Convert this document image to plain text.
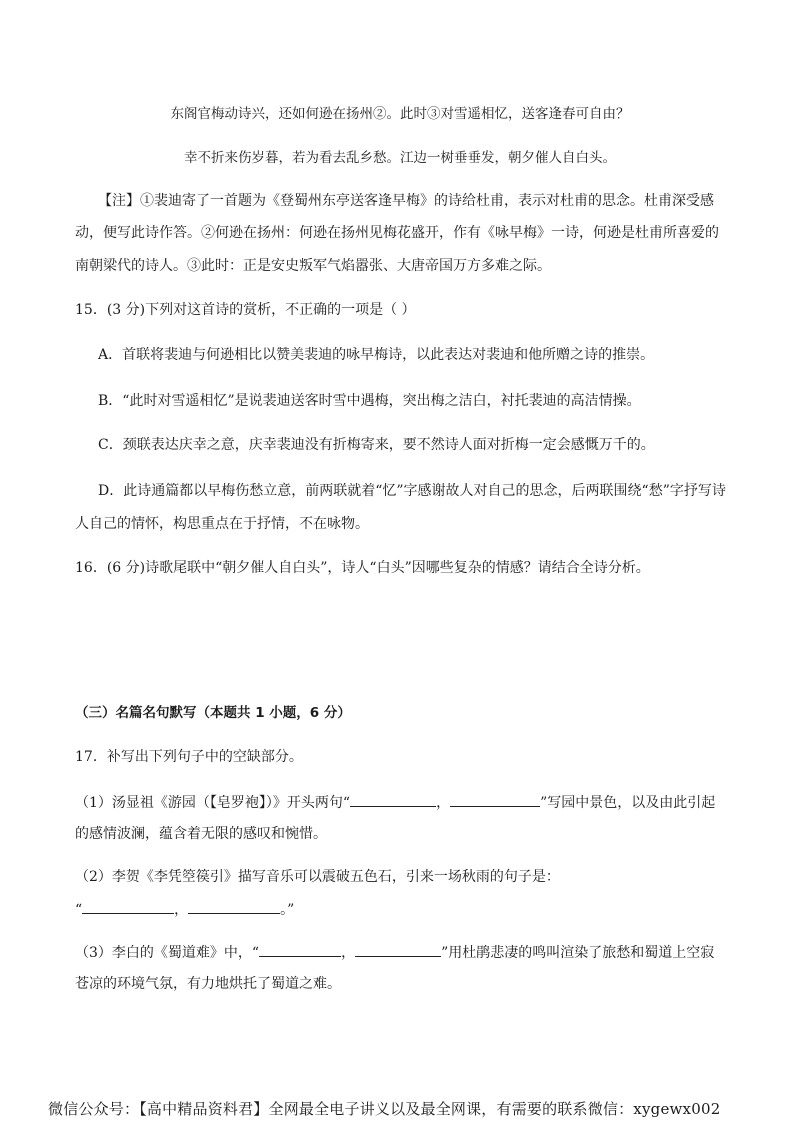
东阁官梅动诗兴，还如何逊在扬州②。此时③对雪遥相忆，送客逢春可自由？
幸不折来伤岁暮，若为看去乱乡愁。江边一树垂垂发，朝夕催人自白头。
【注】①裴迪寄了一首题为《登蜀州东亭送客逢早梅》的诗给杜甫，表示对杜甫的思念。杜甫深受感
动，便写此诗作答。②何逊在扬州：何逊在扬州见梅花盛开，作有《咏早梅》一诗，何逊是杜甫所喜爱的
南朝梁代的诗人。③此时：正是安史叛军气焰嚣张、大唐帝国万方多难之际。
15．(3 分)下列对这首诗的赏析，不正确的一项是（ ）
A．首联将裴迪与何逊相比以赞美裴迪的咏早梅诗，以此表达对裴迪和他所赠之诗的推崇。
B．“此时对雪遥相忆”是说裴迪送客时雪中遇梅，突出梅之洁白，衬托裴迪的高洁情操。
C．颈联表达庆幸之意，庆幸裴迪没有折梅寄来，要不然诗人面对折梅一定会感慨万千的。
D．此诗通篇都以早梅伤愁立意，前两联就着“忆”字感谢故人对自己的思念，后两联围绕“愁”字抒写诗
人自己的情怀，构思重点在于抒情，不在咏物。
16．(6 分)诗歌尾联中“朝夕催人自白头”，诗人“白头”因哪些复杂的情感？请结合全诗分析。
（三）名篇名句默写（本题共 1 小题，6 分）
17．补写出下列句子中的空缺部分。
（1）汤显祖《游园（【皂罗袍】）》开头两句“	，	”写园中景色，以及由此引起
的感情波澜，蕴含着无限的感叹和惋惜。
（2）李贺《李凭箜篌引》描写音乐可以震破五色石，引来一场秋雨的句子是：
“	，	。”
（3）李白的《蜀道难》中，“	，	”用杜鹃悲凄的鸣叫渲染了旅愁和蜀道上空寂
苍凉的环境气氛，有力地烘托了蜀道之难。
微信公众号：【高中精品资料君】全网最全电子讲义以及最全网课，有需要的联系微信：xygewx002
